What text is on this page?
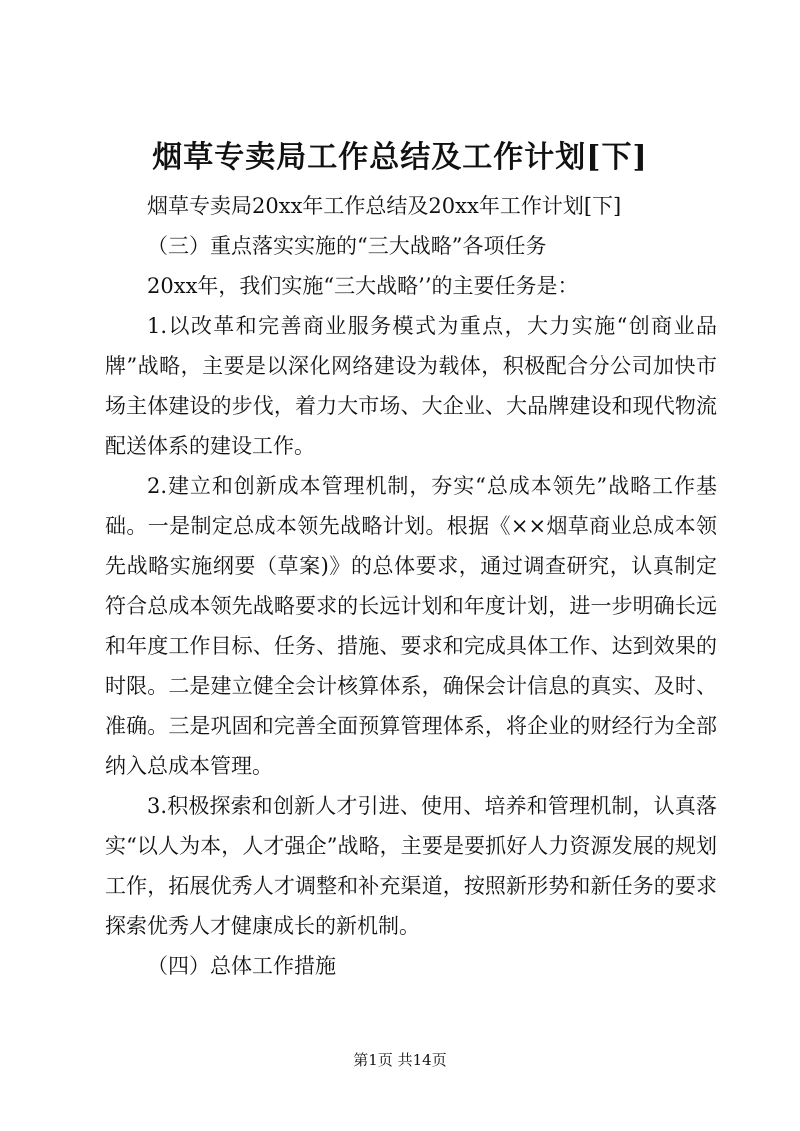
烟草专卖局工作总结及工作计划[下]

烟草专卖局20xx年工作总结及20xx年工作计划[下]

（三）重点落实实施的“三大战略”各项任务

20xx年，我们实施“三大战略’’的主要任务是：

1.以改革和完善商业服务模式为重点，大力实施“创商业品牌”战略，主要是以深化网络建设为载体，积极配合分公司加快市场主体建设的步伐，着力大市场、大企业、大品牌建设和现代物流配送体系的建设工作。

2.建立和创新成本管理机制，夯实“总成本领先”战略工作基础。一是制定总成本领先战略计划。根据《××烟草商业总成本领先战略实施纲要（草案)》的总体要求，通过调查研究，认真制定符合总成本领先战略要求的长远计划和年度计划，进一步明确长远和年度工作目标、任务、措施、要求和完成具体工作、达到效果的时限。二是建立健全会计核算体系，确保会计信息的真实、及时、准确。三是巩固和完善全面预算管理体系，将企业的财经行为全部纳入总成本管理。

3.积极探索和创新人才引进、使用、培养和管理机制，认真落实“以人为本，人才强企”战略，主要是要抓好人力资源发展的规划工作，拓展优秀人才调整和补充渠道，按照新形势和新任务的要求探索优秀人才健康成长的新机制。

（四）总体工作措施

第1页 共14页
